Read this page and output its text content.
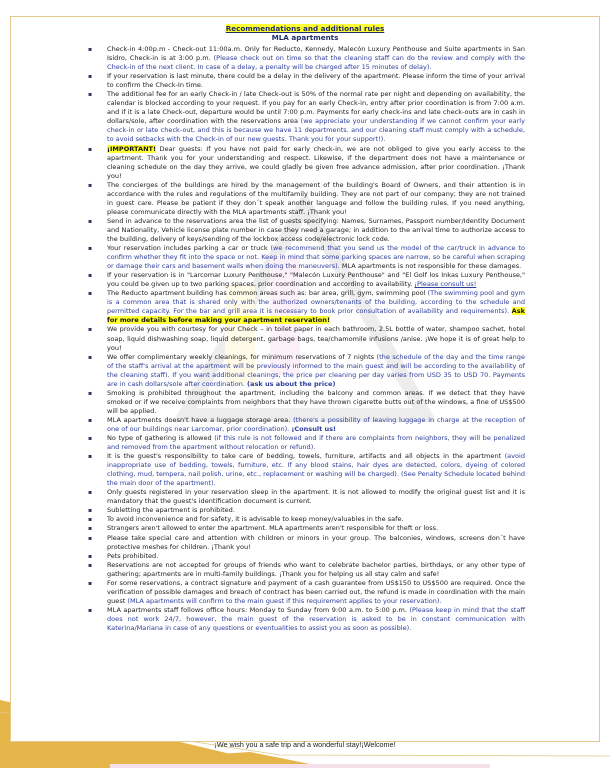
Recommendations and additional rules
MLA apartments
▪ Check-in 4:00p.m - Check-out 11:00a.m. Only for Reducto, Kennedy, Malecón Luxury Penthouse and Suite apartments in San Isidro, Check-in is at 3:00 p.m. (Please check out on time so that the cleaning staff can do the review and comply with the Check-in of the next client. In case of a delay, a penalty will be charged after 15 minutes of delay).
▪ If your reservation is last minute, there could be a delay in the delivery of the apartment. Please inform the time of your arrival to confirm the Check-In time.
▪ The additional fee for an early Check-in / late Check-out is 50% of the normal rate per night and depending on availability, the calendar is blocked according to your request. If you pay for an early Check-in, entry after prior coordination is from 7:00 a.m. and if it is a late Check-out, departure would be until 7:00 p.m. Payments for early check-ins and late check-outs are in cash in dollars/sole, after coordination with the reservations area (we appreciate your understanding if we cannot confirm your early check-in or late check-out, and this is because we have 11 departments. and our cleaning staff must comply with a schedule, to avoid setbacks with the Check-in of our new guests. Thank you for your support!).
▪ ¡IMPORTANT! Dear guests: If you have not paid for early check-in, we are not obliged to give you early access to the apartment. Thank you for your understanding and respect. Likewise, if the department does not have a maintenance or cleaning schedule on the day they arrive, we could gladly be given free advance admission, after prior coordination. ¡Thank you!
▪ The concierges of the buildings are hired by the management of the building's Board of Owners, and their attention is in accordance with the rules and regulations of the multifamily building. They are not part of our company; they are not trained in guest care. Please be patient if they don´t speak another language and follow the building rules. If you need anything, please communicate directly with the MLA apartments staff. ¡Thank you!
▪ Send in advance to the reservations area the list of guests specifying: Names, Surnames, Passport number/Identity Document and Nationality, Vehicle license plate number in case they need a garage; in addition to the arrival time to authorize access to the building, delivery of keys/sending of the lockbox access code/electronic lock code.
▪ Your reservation includes parking a car or truck (we recommend that you send us the model of the car/truck in advance to confirm whether they fit into the space or not. Keep in mind that some parking spaces are narrow, so be careful when scraping or damage their cars and basement walls when doing the maneuvers). MLA apartments is not responsible for these damages.
▪ If your reservation is in "Larcomar Luxury Penthouse," "Malecón Luxury Penthouse" and "El Golf los Inkas Luxury Penthouse," you could be given up to two parking spaces, prior coordination and according to availability. ¡Please consult us!
▪ The Reducto apartment building has common areas such as: bar area, grill, gym, swimming pool (The swimming pool and gym is a common area that is shared only with the authorized owners/tenants of the building, according to the schedule and permitted capacity. For the bar and grill area it is necessary to book prior consultation of availability and requirements). Ask for more details before making your apartment reservation!
▪ We provide you with courtesy for your Check – in toilet paper in each bathroom, 2.5L bottle of water, shampoo sachet, hotel soap, liquid dishwashing soap, liquid detergent, garbage bags, tea/chamomile infusions /anise. ¡We hope it is of great help to you!
▪ We offer complimentary weekly cleanings, for minimum reservations of 7 nights (the schedule of the day and the time range of the staff's arrival at the apartment will be previously informed to the main guest and will be according to the availability of the cleaning staff). If you want additional cleanings, the price per cleaning per day varies from USD 35 to USD 70. Payments are in cash dollars/sole after coordination. (ask us about the price)
▪ Smoking is prohibited throughout the apartment, including the balcony and common areas. If we detect that they have smoked or if we receive complaints from neighbors that they have thrown cigarette butts out of the windows, a fine of US$500 will be applied.
▪ MLA apartments doesn't have a luggage storage area. (there's a possibility of leaving luggage in charge at the reception of one of our buildings near Larcomar, prior coordination). ¡Consult us!
▪ No type of gathering is allowed (if this rule is not followed and if there are complaints from neighbors, they will be penalized and removed from the apartment without relocation or refund).
▪ It is the guest's responsibility to take care of bedding, towels, furniture, artifacts and all objects in the apartment (avoid inappropriate use of bedding, towels, furniture, etc. If any blood stains, hair dyes are detected, colors, dyeing of colored clothing, mud, tempera, nail polish, urine, etc., replacement or washing will be charged). (See Penalty Schedule located behind the main door of the apartment).
▪ Only guests registered in your reservation sleep in the apartment. It is not allowed to modify the original guest list and it is mandatory that the guest's identification document is current.
▪ Subletting the apartment is prohibited.
▪ To avoid inconvenience and for safety, it is advisable to keep money/valuables in the safe.
▪ Strangers aren't allowed to enter the apartment. MLA apartments aren't responsible for theft or loss.
▪ Please take special care and attention with children or minors in your group. The balconies, windows, screens don´t have protective meshes for children. ¡Thank you!
▪ Pets prohibited.
▪ Reservations are not accepted for groups of friends who want to celebrate bachelor parties, birthdays, or any other type of gathering; apartments are in multi-family buildings. ¡Thank you for helping us all stay calm and safe!
▪ For some reservations, a contract signature and payment of a cash guarantee from US$150 to US$500 are required. Once the verification of possible damages and breach of contract has been carried out, the refund is made in coordination with the main guest (MLA apartments will confirm to the main guest if this requirement applies to your reservation).
▪ MLA apartments staff follows office hours: Monday to Sunday from 9:00 a.m. to 5:00 p.m. (Please keep in mind that the staff does not work 24/7, however, the main guest of the reservation is asked to be in constant communication with Katerina/Mariana in case of any questions or eventualities to assist you as soon as possible).
¡We wish you a safe trip and a wonderful stay!¡Welcome!
